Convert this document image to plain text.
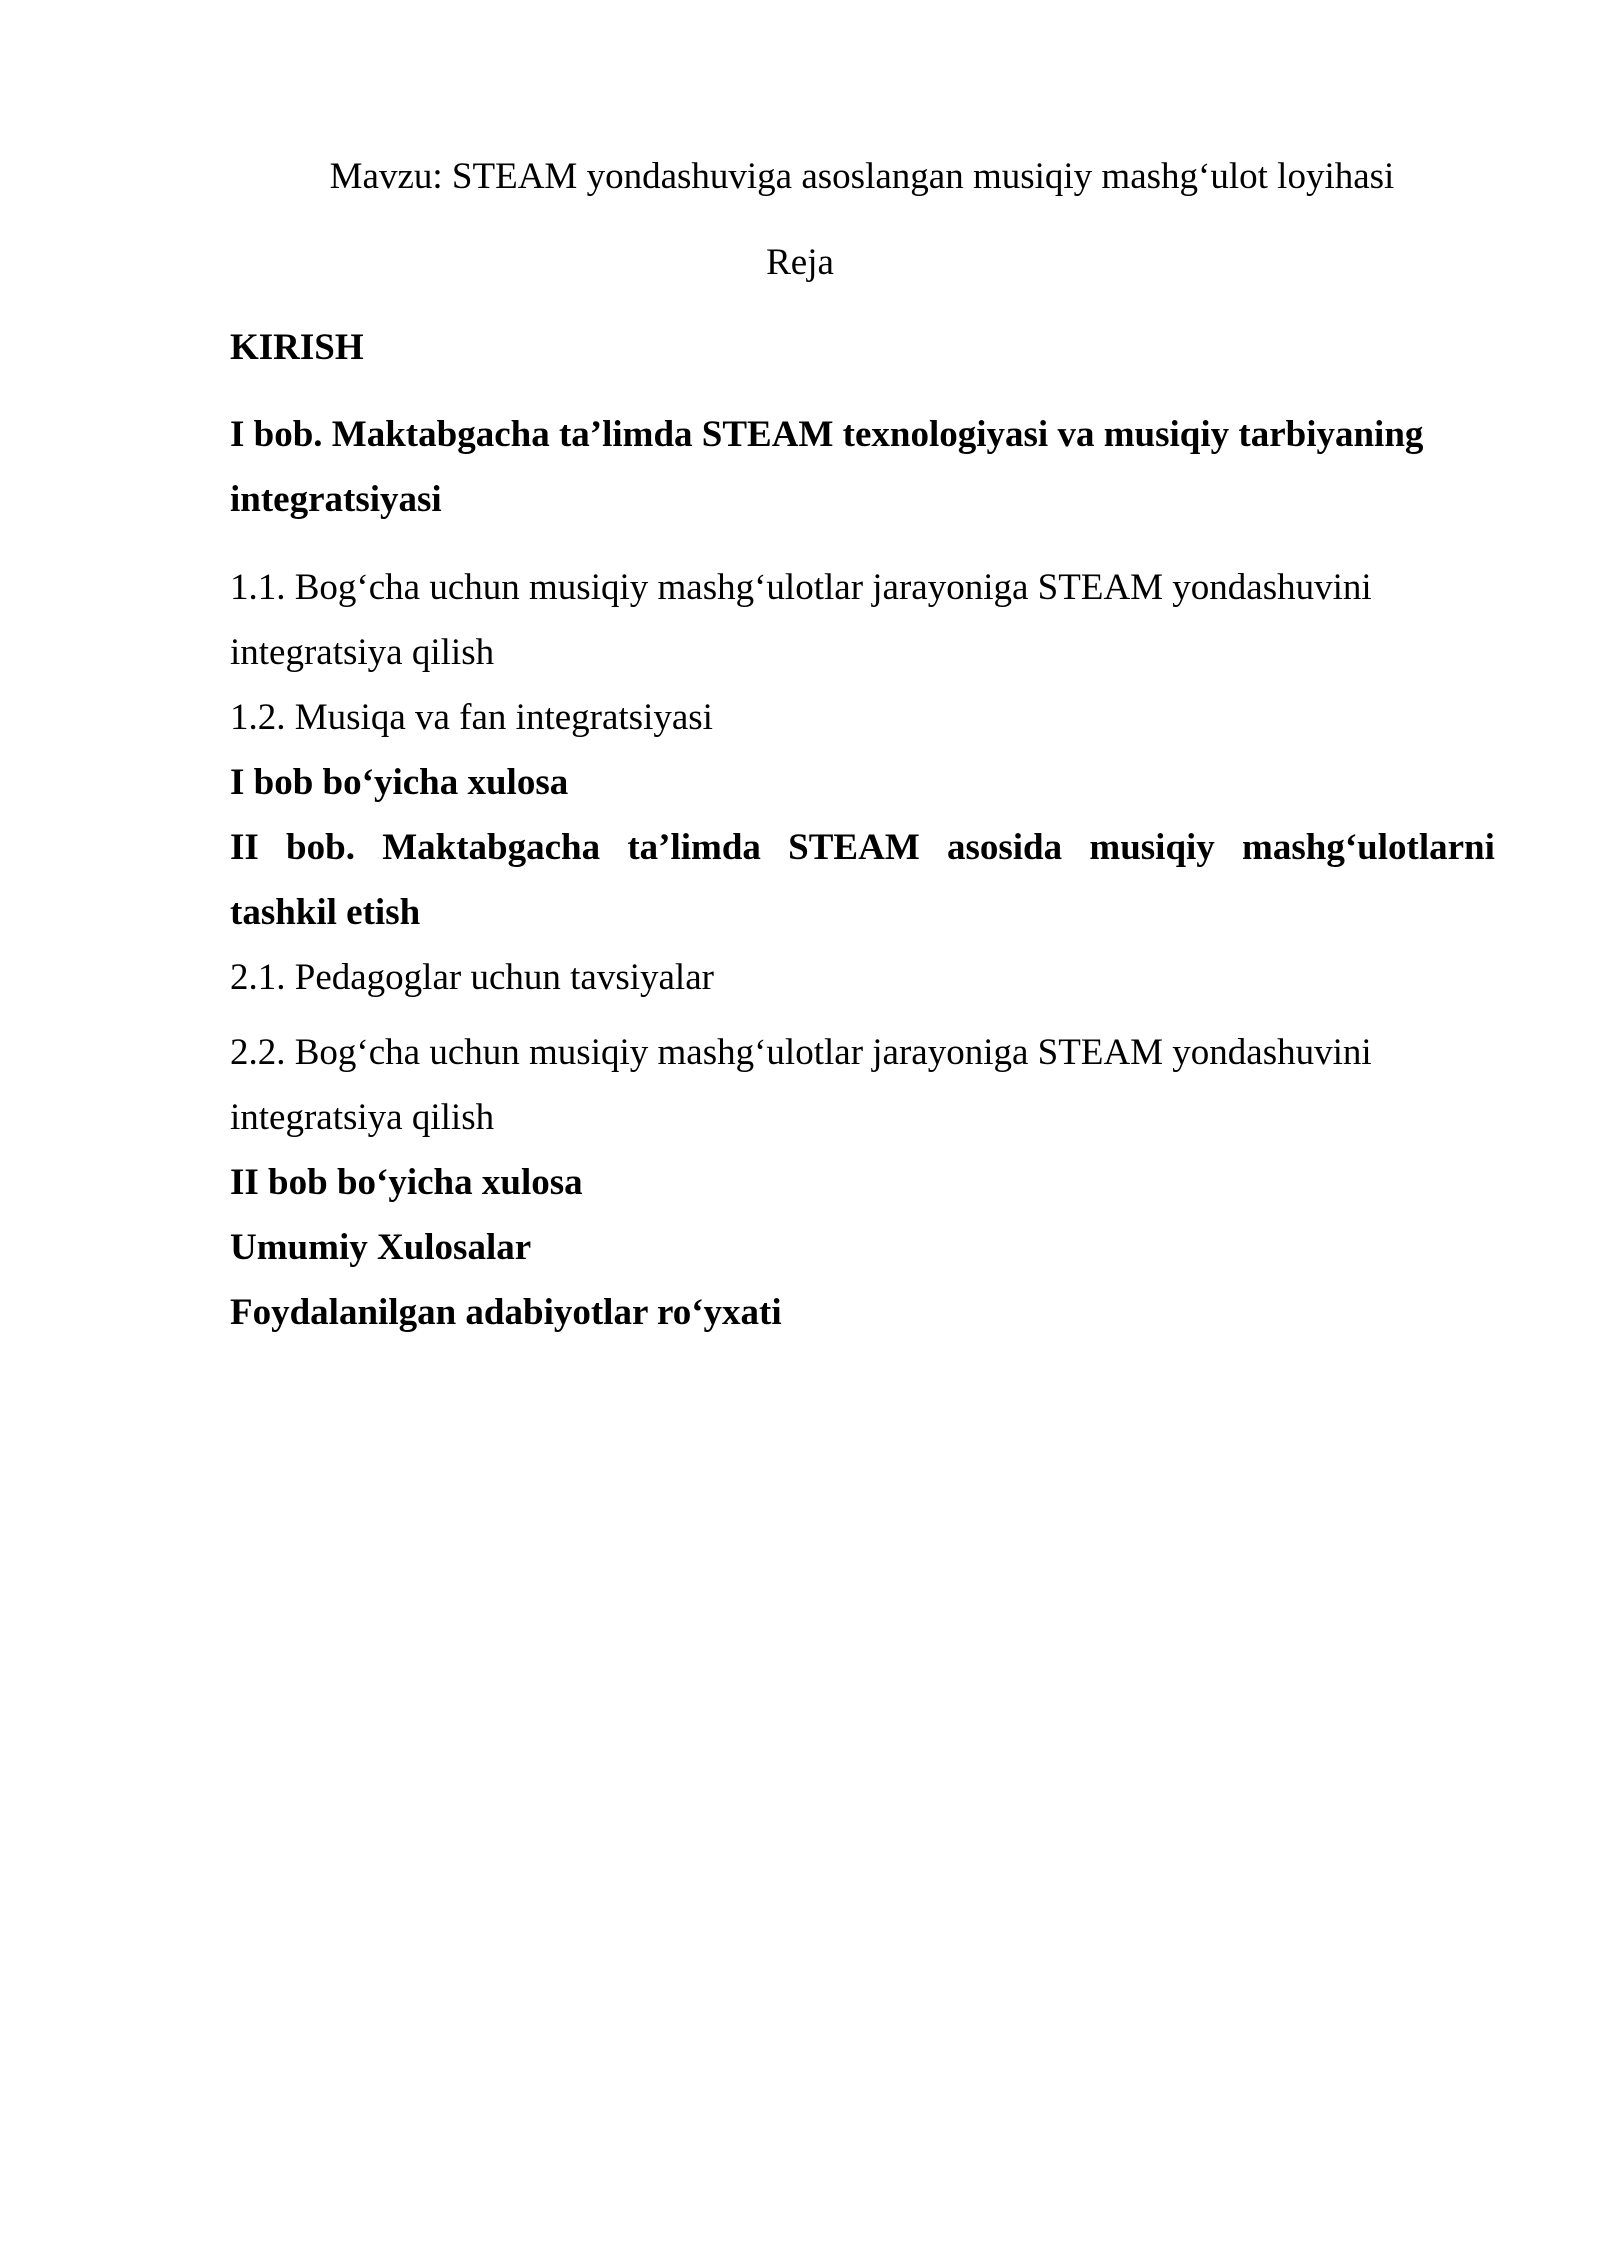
Mavzu: STEAM yondashuviga asoslangan musiqiy mashg‘ulot loyihasi

Reja

KIRISH

I bob. Maktabgacha ta’limda STEAM texnologiyasi va musiqiy tarbiyaning

integratsiyasi

1.1. Bog‘cha uchun musiqiy mashg‘ulotlar jarayoniga STEAM yondashuvini

integratsiya qilish

1.2. Musiqa va fan integratsiyasi

I bob bo‘yicha xulosa

II bob. Maktabgacha ta’limda STEAM asosida musiqiy mashg‘ulotlarni

tashkil etish

2.1. Pedagoglar uchun tavsiyalar

2.2. Bog‘cha uchun musiqiy mashg‘ulotlar jarayoniga STEAM yondashuvini

integratsiya qilish

II bob bo‘yicha xulosa

Umumiy Xulosalar

Foydalanilgan adabiyotlar ro‘yxati
